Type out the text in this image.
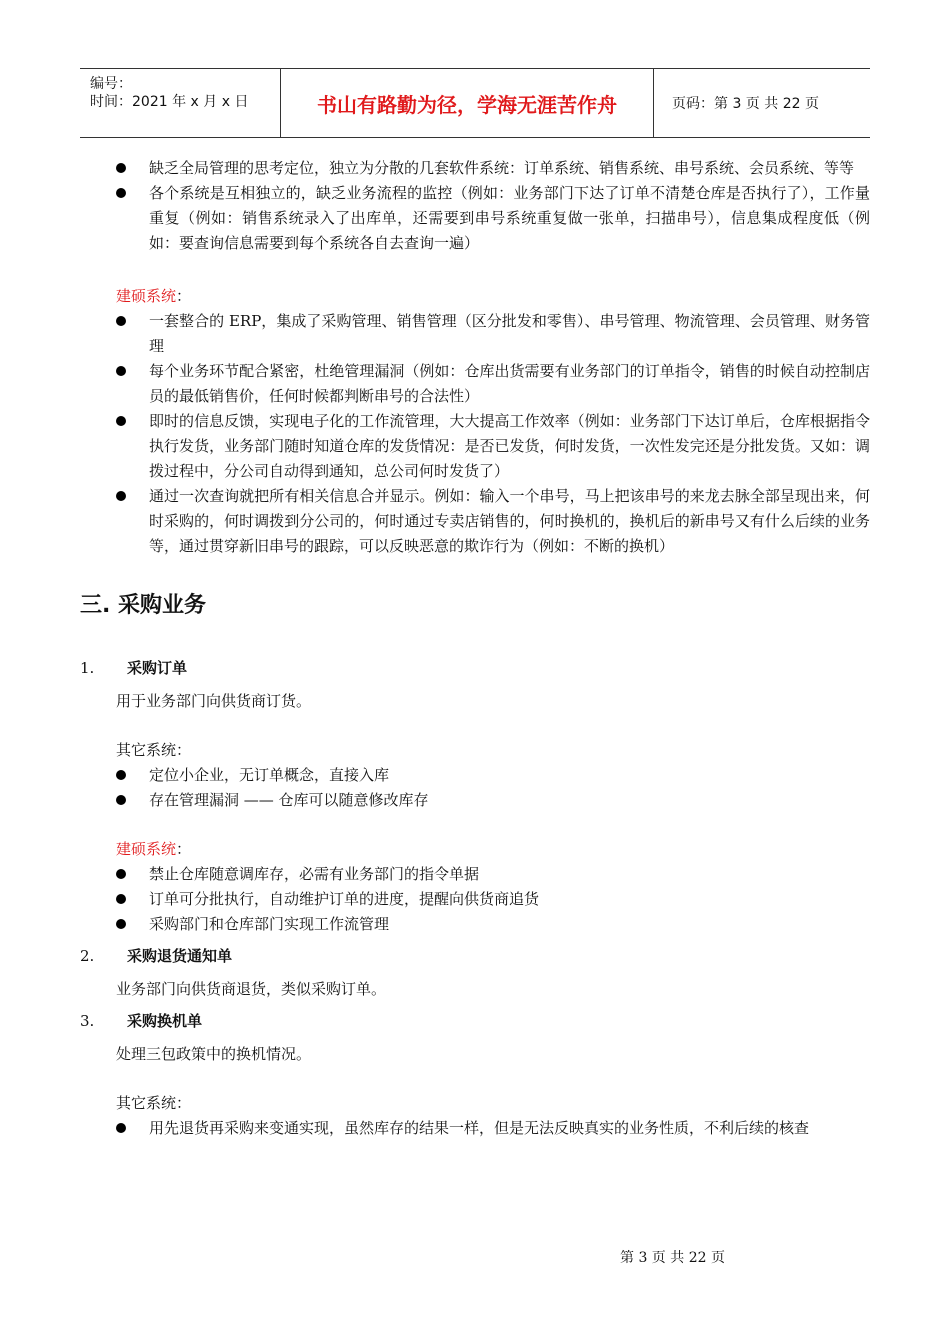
编号：
时间：2021 年 x 月 x 日	书山有路勤为径，学海无涯苦作舟	页码：第 3 页 共 22 页
缺乏全局管理的思考定位，独立为分散的几套软件系统：订单系统、销售系统、串号系统、会员系统、等等
各个系统是互相独立的，缺乏业务流程的监控（例如：业务部门下达了订单不清楚仓库是否执行了），工作量重复（例如：销售系统录入了出库单，还需要到串号系统重复做一张单，扫描串号），信息集成程度低（例如：要查询信息需要到每个系统各自去查询一遍）
建硕系统：
一套整合的 ERP，集成了采购管理、销售管理（区分批发和零售）、串号管理、物流管理、会员管理、财务管理
每个业务环节配合紧密，杜绝管理漏洞（例如：仓库出货需要有业务部门的订单指令，销售的时候自动控制店员的最低销售价，任何时候都判断串号的合法性）
即时的信息反馈，实现电子化的工作流管理，大大提高工作效率（例如：业务部门下达订单后，仓库根据指令执行发货，业务部门随时知道仓库的发货情况：是否已发货，何时发货，一次性发完还是分批发货。又如：调拨过程中，分公司自动得到通知，总公司何时发货了）
通过一次查询就把所有相关信息合并显示。例如：输入一个串号，马上把该串号的来龙去脉全部呈现出来，何时采购的，何时调拨到分公司的，何时通过专卖店销售的，何时换机的，换机后的新串号又有什么后续的业务等，通过贯穿新旧串号的跟踪，可以反映恶意的欺诈行为（例如：不断的换机）
三. 采购业务
1.	采购订单
用于业务部门向供货商订货。
其它系统：
定位小企业，无订单概念，直接入库
存在管理漏洞 —— 仓库可以随意修改库存
建硕系统：
禁止仓库随意调库存，必需有业务部门的指令单据
订单可分批执行，自动维护订单的进度，提醒向供货商追货
采购部门和仓库部门实现工作流管理
2.	采购退货通知单
业务部门向供货商退货，类似采购订单。
3.	采购换机单
处理三包政策中的换机情况。
其它系统：
用先退货再采购来变通实现，虽然库存的结果一样，但是无法反映真实的业务性质，不利后续的核查
第 3 页 共 22 页
